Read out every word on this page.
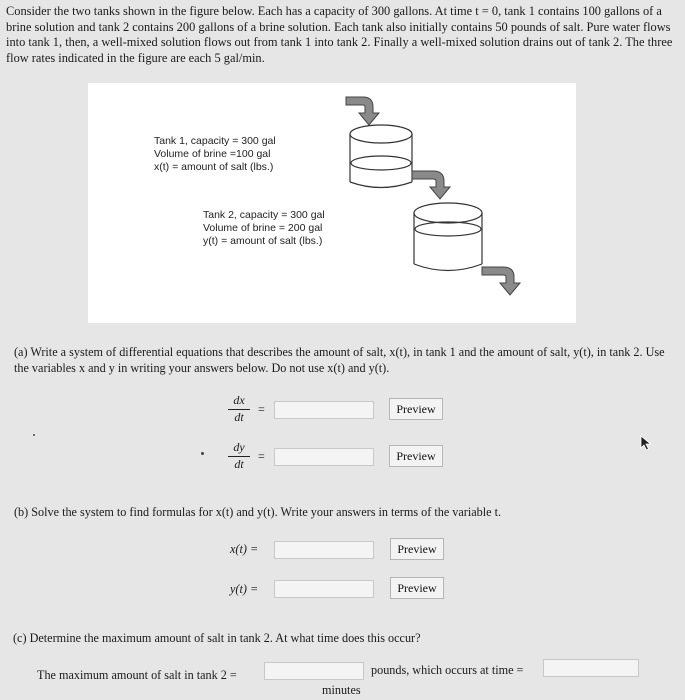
Consider the two tanks shown in the figure below. Each has a capacity of 300 gallons. At time t = 0, tank 1 contains 100 gallons of a brine solution and tank 2 contains 200 gallons of a brine solution. Each tank also initially contains 50 pounds of salt. Pure water flows into tank 1, then, a well-mixed solution flows out from tank 1 into tank 2. Finally a well-mixed solution drains out of tank 2. The three flow rates indicated in the figure are each 5 gal/min.

Tank 1, capacity = 300 gal
Volume of brine =100 gal
x(t) = amount of salt (lbs.)
Tank 2, capacity = 300 gal
Volume of brine = 200 gal
y(t) = amount of salt (lbs.)
(a) Write a system of differential equations that describes the amount of salt, x(t), in tank 1 and the amount of salt, y(t), in tank 2. Use the variables x and y in writing your answers below. Do not use x(t) and y(t).
dx
dt
=	Preview
dy
dt
=	Preview
(b) Solve the system to find formulas for x(t) and y(t). Write your answers in terms of the variable t.
x(t) =	Preview
y(t) =	Preview
(c) Determine the maximum amount of salt in tank 2. At what time does this occur?
The maximum amount of salt in tank 2 =	pounds, which occurs at time =
minutes
